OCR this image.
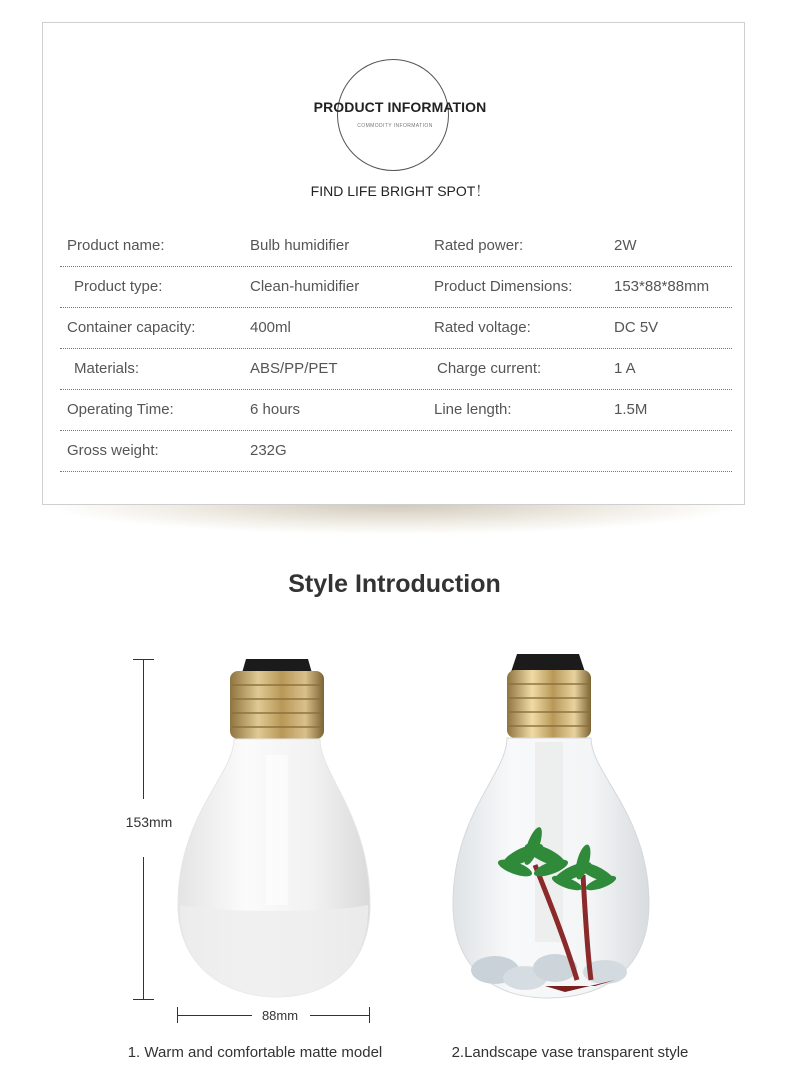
PRODUCT INFORMATION
COMMODITY INFORMATION
FIND LIFE BRIGHT SPOT！
Product name:	Bulb humidifier	Rated power:	2W
Product type:	Clean-humidifier	Product Dimensions:	153*88*88mm
Container capacity:	400ml	Rated voltage:	DC 5V
Materials:	ABS/PP/PET	Charge current:	1 A
Operating Time:	6 hours	Line length:	1.5M
Gross weight:	232G
Style Introduction
153mm
88mm
1. Warm and comfortable matte model	2.Landscape vase transparent style
